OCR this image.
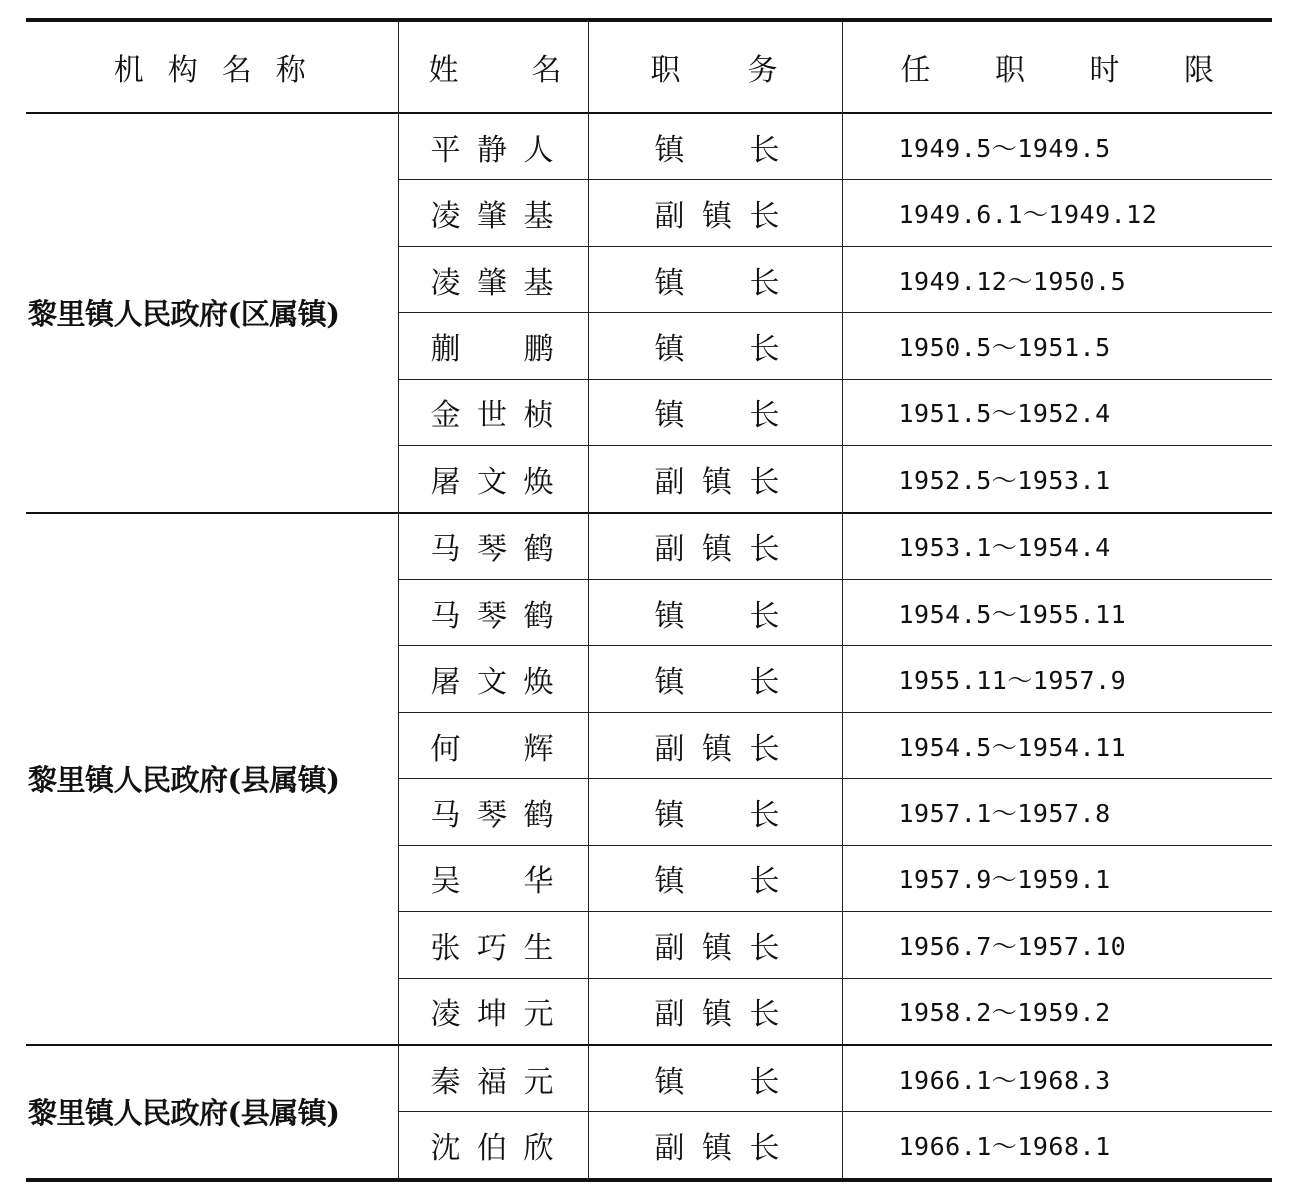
机构名称	姓名	职务	任职时限
黎里镇人民政府(区属镇)	平静人	镇长	1949.5～1949.5
	凌肇基	副镇长	1949.6.1～1949.12
	凌肇基	镇长	1949.12～1950.5
	蒯鹏	镇长	1950.5～1951.5
	金世桢	镇长	1951.5～1952.4
	屠文焕	副镇长	1952.5～1953.1
黎里镇人民政府(县属镇)	马琴鹤	副镇长	1953.1～1954.4
	马琴鹤	镇长	1954.5～1955.11
	屠文焕	镇长	1955.11～1957.9
	何辉	副镇长	1954.5～1954.11
	马琴鹤	镇长	1957.1～1957.8
	吴华	镇长	1957.9～1959.1
	张巧生	副镇长	1956.7～1957.10
	凌坤元	副镇长	1958.2～1959.2
黎里镇人民政府(县属镇)	秦福元	镇长	1966.1～1968.3
	沈伯欣	副镇长	1966.1～1968.1
